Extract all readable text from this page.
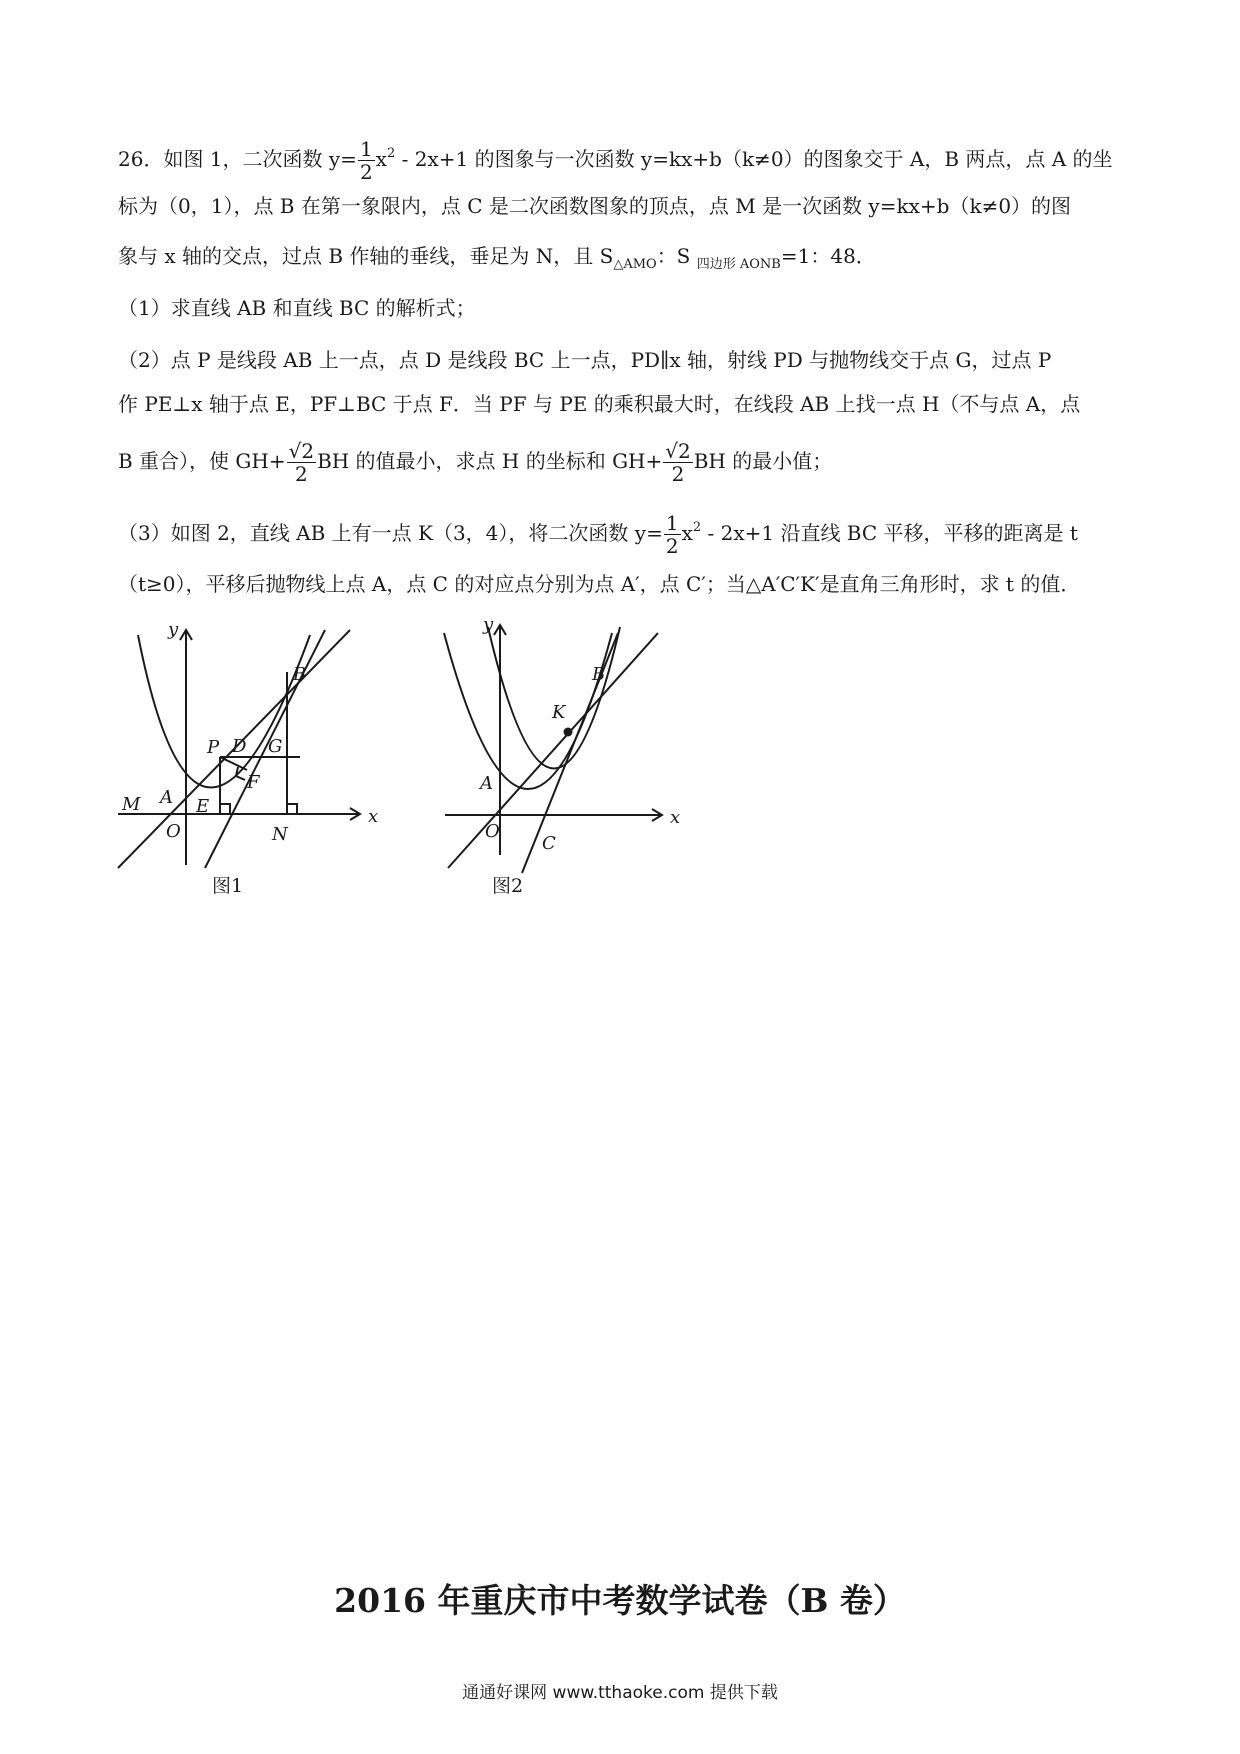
26．如图 1，二次函数 $y= \frac{1}{2} x^2 - 2x+1$ 的图象与一次函数 y=kx+b（k≠0）的图象交于 A，B 两点，点 A 的坐
标为（0，1），点 B 在第一象限内，点 C 是二次函数图象的顶点，点 M 是一次函数 y=kx+b（k≠0）的图
象与 x 轴的交点，过点 B 作轴的垂线，垂足为 N，且 $S_{\triangle AMO}$：S $_{四边形 AONB}$=1：48．
（1）求直线 AB 和直线 BC 的解析式；
（2）点 P 是线段 AB 上一点，点 D 是线段 BC 上一点，PD∥x 轴，射线 PD 与抛物线交于点 G，过点 P
作 PE⊥x 轴于点 E，PF⊥BC 于点 F．当 PF 与 PE 的乘积最大时，在线段 AB 上找一点 H（不与点 A，点
B 重合），使 $GH+ \frac{√2}{2}$ BH 的值最小，求点 H 的坐标和 $GH+ \frac{√2}{2}$ BH 的最小值；
（3）如图 2，直线 AB 上有一点 K（3，4），将二次函数 $y= \frac{1}{2} x^2 - 2x+1$ 沿直线 BC 平移，平移的距离是 t
（t≥0），平移后抛物线上点 A，点 C 的对应点分别为点 A′，点 C′；当△A′C′K′是直角三角形时，求 t 的值．
y
x
B
P D G
F
M A E
O	N
图1
y
x
B
K
A
O
C
图2
2016 年重庆市中考数学试卷（B 卷）
通通好课网 www.tthaoke.com 提供下载
